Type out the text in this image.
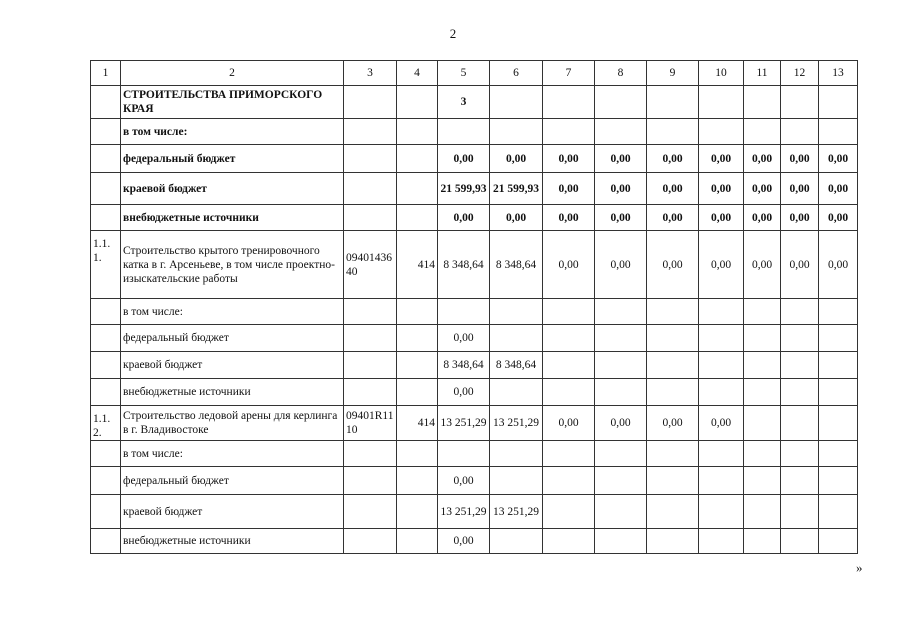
2
1	2	3	4	5	6	7	8	9	10	11	12	13
	СТРОИТЕЛЬСТВА ПРИМОРСКОГО КРАЯ			3								
	в том числе:											
	федеральный бюджет			0,00	0,00	0,00	0,00	0,00	0,00	0,00	0,00	0,00
	краевой бюджет			21 599,93	21 599,93	0,00	0,00	0,00	0,00	0,00	0,00	0,00
	внебюджетные источники			0,00	0,00	0,00	0,00	0,00	0,00	0,00	0,00	0,00
1.1.1.	Строительство крытого тренировочного катка в г. Арсеньеве, в том числе проектно-изыскательские работы	0940143640	414	8 348,64	8 348,64	0,00	0,00	0,00	0,00	0,00	0,00	0,00
	в том числе:											
	федеральный бюджет			0,00								
	краевой бюджет			8 348,64	8 348,64							
	внебюджетные источники			0,00								
1.1.2.	Строительство ледовой арены для керлинга в г. Владивостоке	09401R1110	414	13 251,29	13 251,29	0,00	0,00	0,00	0,00			
	в том числе:											
	федеральный бюджет			0,00								
	краевой бюджет			13 251,29	13 251,29							
	внебюджетные источники			0,00								
»
